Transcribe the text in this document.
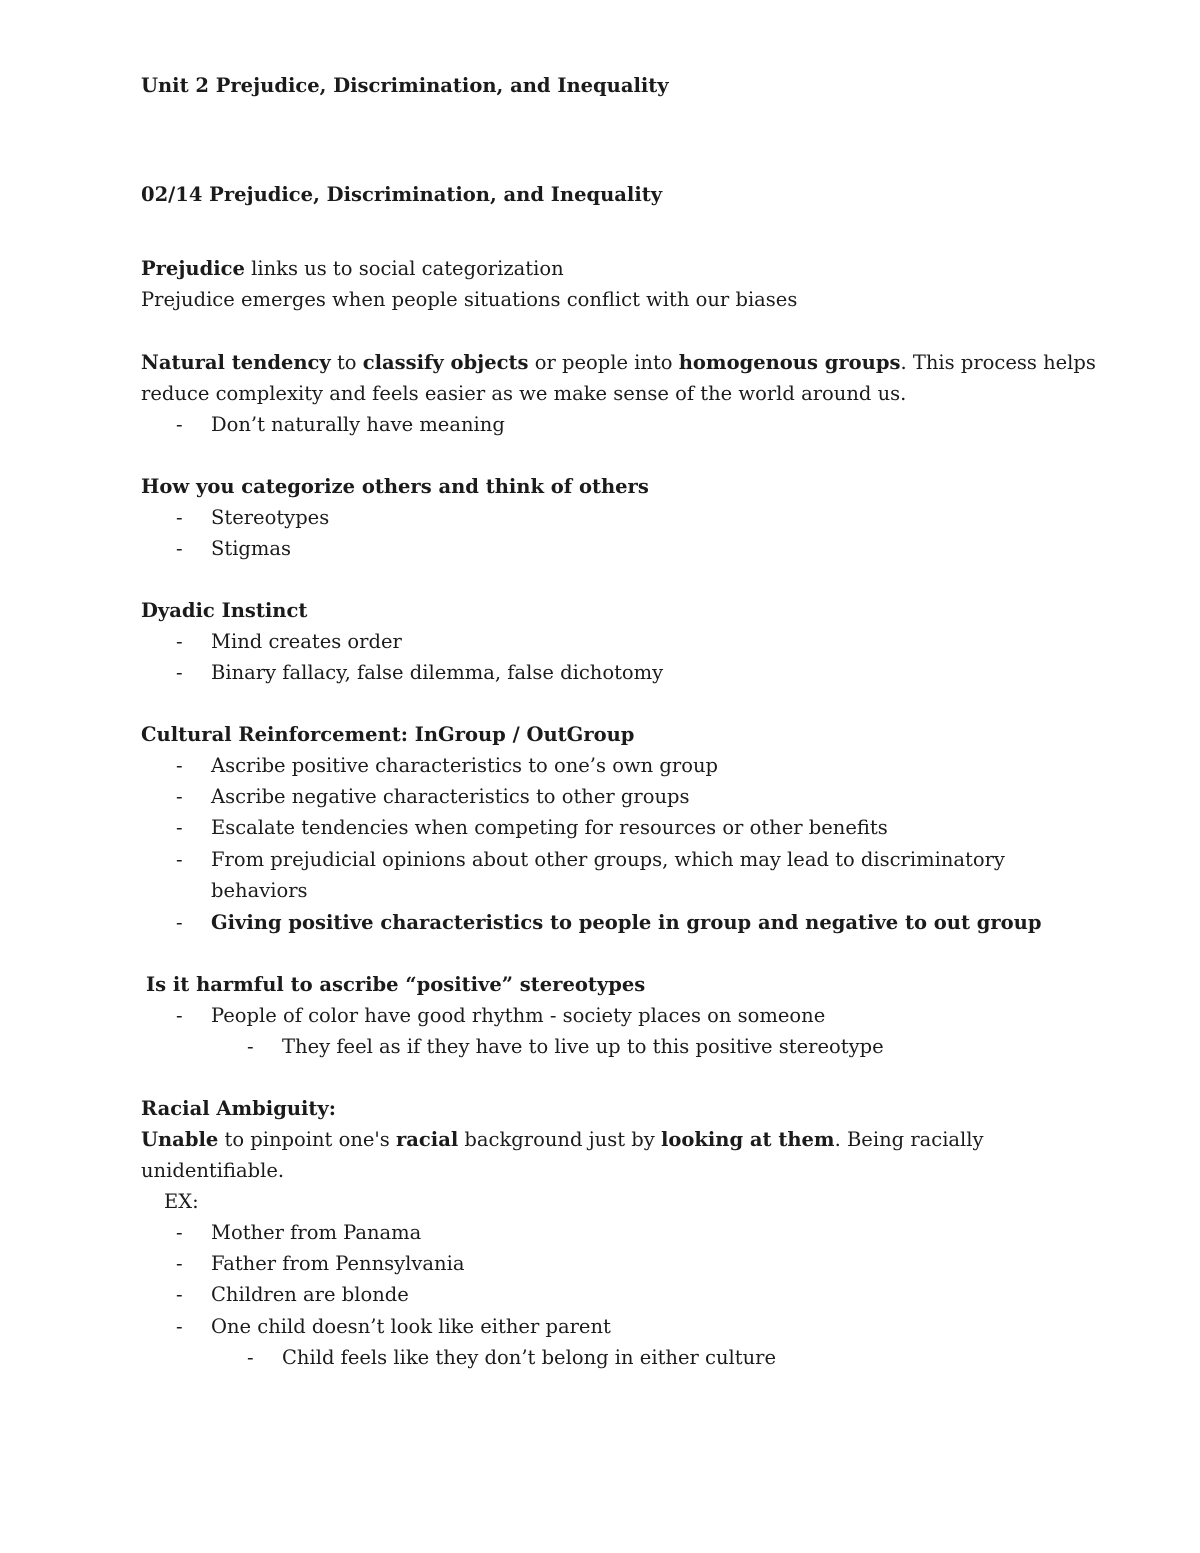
Unit 2 Prejudice, Discrimination, and Inequality
02/14 Prejudice, Discrimination, and Inequality
Prejudice links us to social categorization
Prejudice emerges when people situations conflict with our biases
Natural tendency to classify objects or people into homogenous groups. This process helps
reduce complexity and feels easier as we make sense of the world around us.
- Don’t naturally have meaning
How you categorize others and think of others
- Stereotypes
- Stigmas
Dyadic Instinct
- Mind creates order
- Binary fallacy, false dilemma, false dichotomy
Cultural Reinforcement: InGroup / OutGroup
- Ascribe positive characteristics to one’s own group
- Ascribe negative characteristics to other groups
- Escalate tendencies when competing for resources or other benefits
- From prejudicial opinions about other groups, which may lead to discriminatory
behaviors
- Giving positive characteristics to people in group and negative to out group
Is it harmful to ascribe “positive” stereotypes
- People of color have good rhythm - society places on someone
- They feel as if they have to live up to this positive stereotype
Racial Ambiguity:
Unable to pinpoint one's racial background just by looking at them. Being racially
unidentifiable.
EX:
- Mother from Panama
- Father from Pennsylvania
- Children are blonde
- One child doesn’t look like either parent
- Child feels like they don’t belong in either culture
